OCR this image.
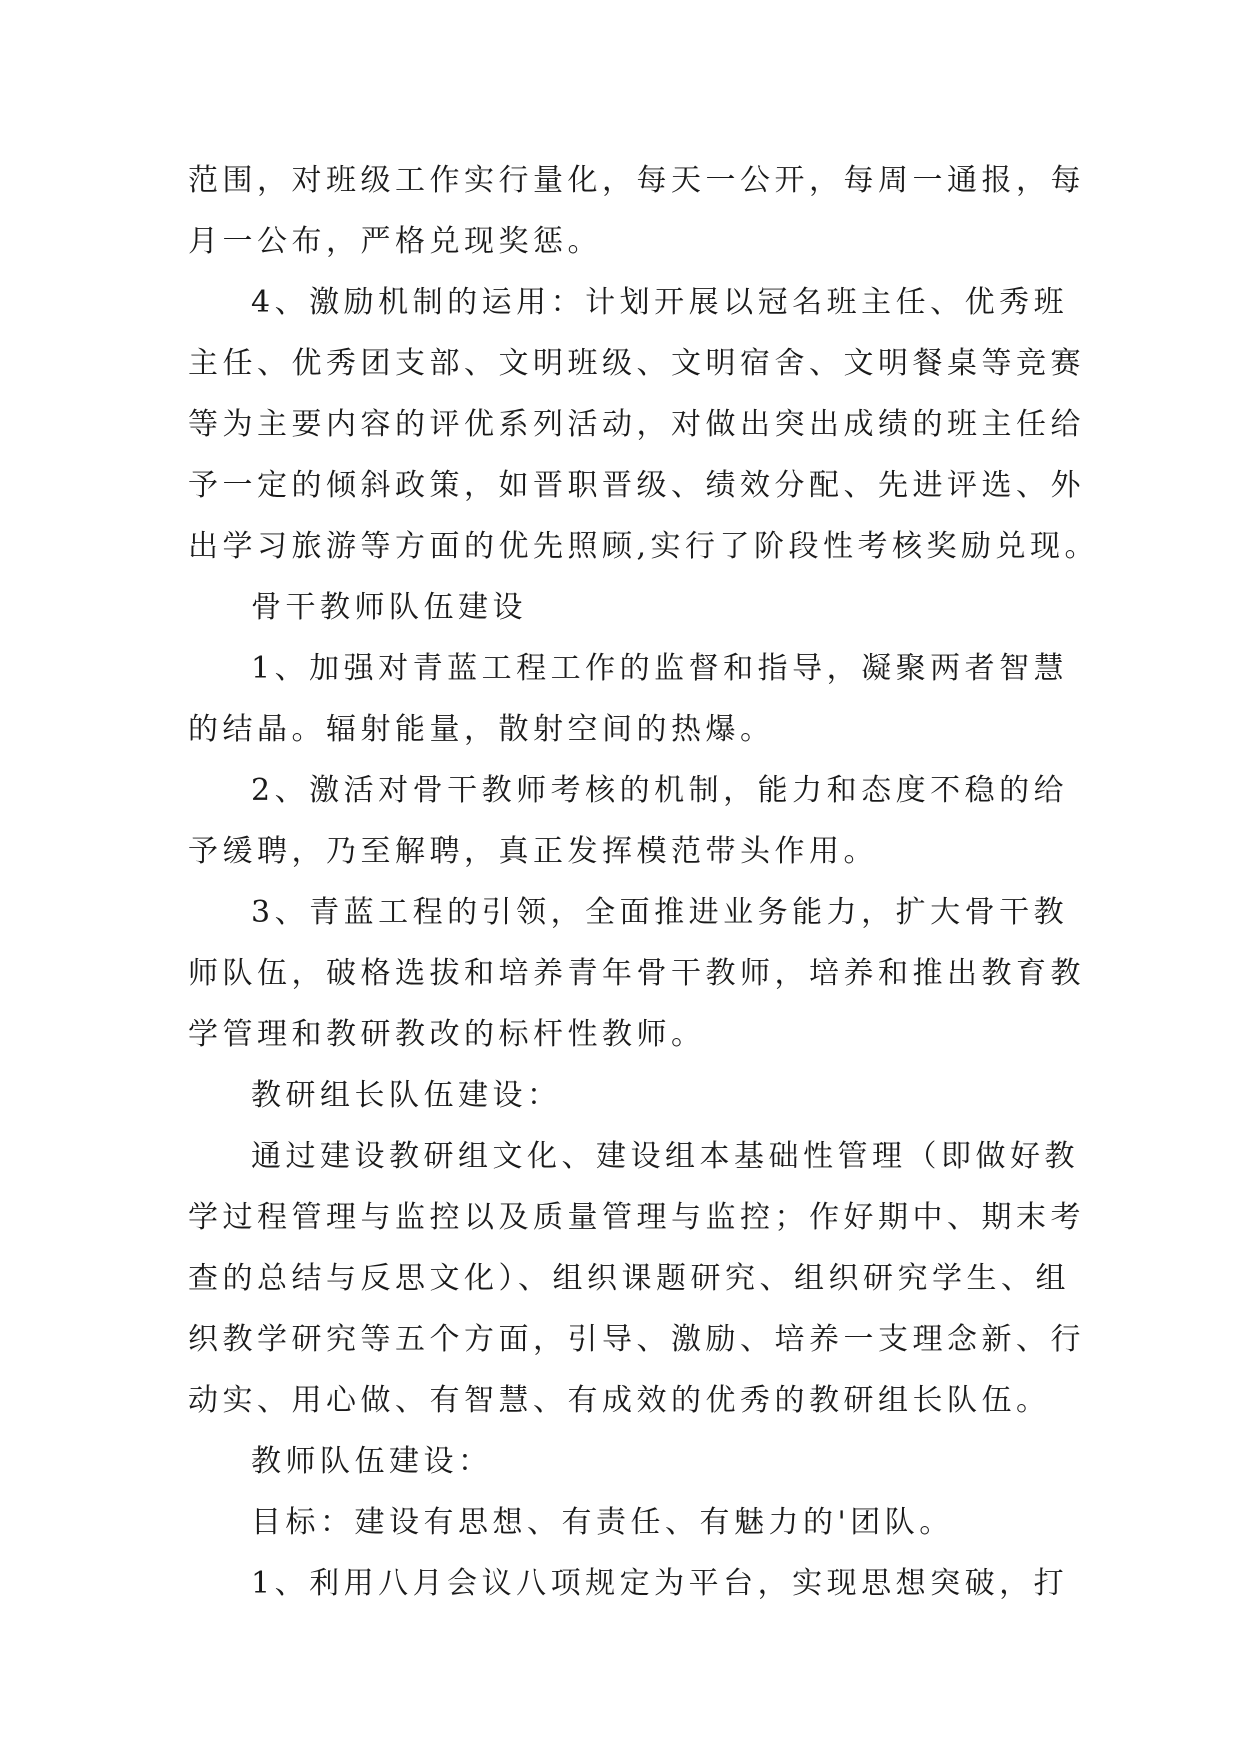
范围，对班级工作实行量化，每天一公开，每周一通报，每
月一公布，严格兑现奖惩。
4、激励机制的运用：计划开展以冠名班主任、优秀班
主任、优秀团支部、文明班级、文明宿舍、文明餐桌等竞赛
等为主要内容的评优系列活动，对做出突出成绩的班主任给
予一定的倾斜政策，如晋职晋级、绩效分配、先进评选、外
出学习旅游等方面的优先照顾,实行了阶段性考核奖励兑现。
骨干教师队伍建设
1、加强对青蓝工程工作的监督和指导，凝聚两者智慧
的结晶。辐射能量，散射空间的热爆。
2、激活对骨干教师考核的机制，能力和态度不稳的给
予缓聘，乃至解聘，真正发挥模范带头作用。
3、青蓝工程的引领，全面推进业务能力，扩大骨干教
师队伍，破格选拔和培养青年骨干教师，培养和推出教育教
学管理和教研教改的标杆性教师。
教研组长队伍建设：
通过建设教研组文化、建设组本基础性管理（即做好教
学过程管理与监控以及质量管理与监控；作好期中、期末考
查的总结与反思文化）、组织课题研究、组织研究学生、组
织教学研究等五个方面，引导、激励、培养一支理念新、行
动实、用心做、有智慧、有成效的优秀的教研组长队伍。
教师队伍建设：
目标：建设有思想、有责任、有魅力的'团队。
1、利用八月会议八项规定为平台，实现思想突破，打
